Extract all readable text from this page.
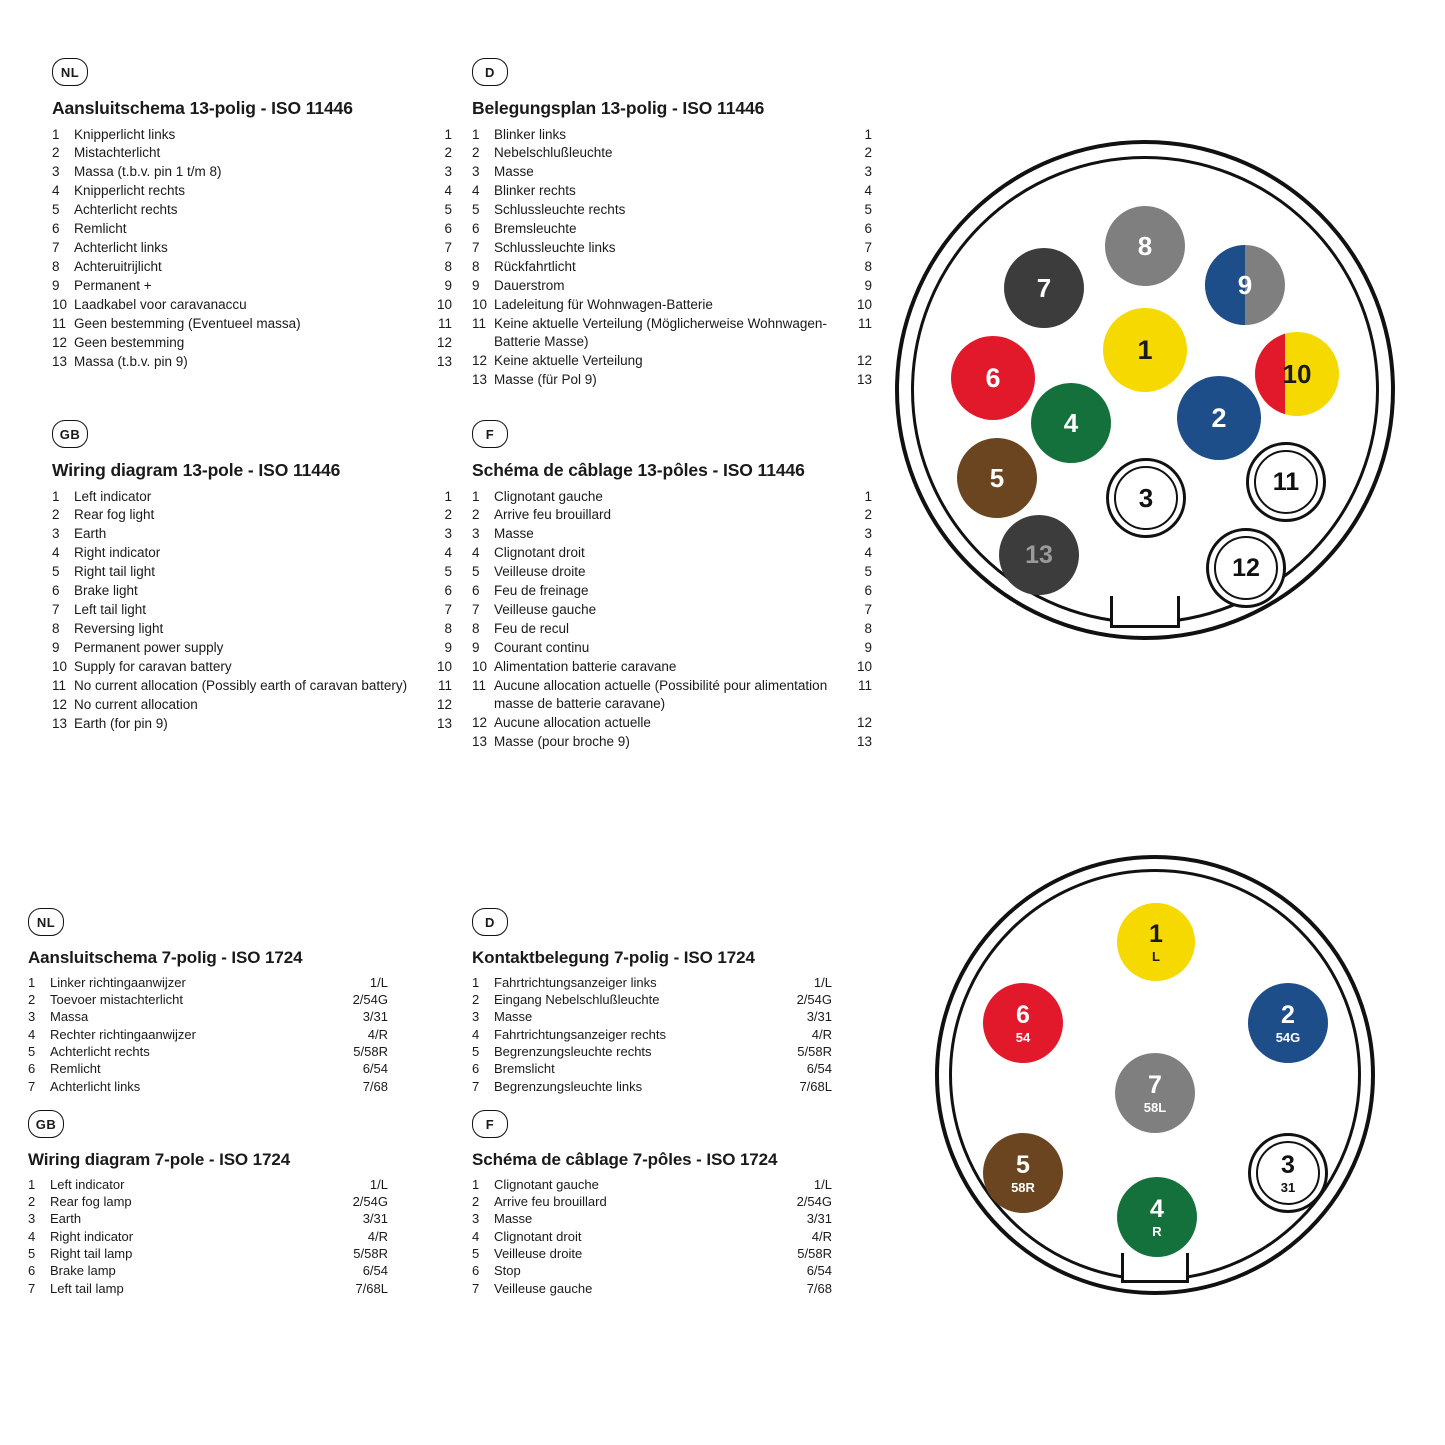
NL
Aansluitschema 13-polig - ISO 11446
1	Knipperlicht links	1
2	Mistachterlicht	2
3	Massa (t.b.v. pin 1 t/m 8)	3
4	Knipperlicht rechts	4
5	Achterlicht rechts	5
6	Remlicht	6
7	Achterlicht links	7
8	Achteruitrijlicht	8
9	Permanent +	9
10	Laadkabel voor caravanaccu	10
11	Geen bestemming (Eventueel massa)	11
12	Geen bestemming	12
13	Massa (t.b.v. pin 9)	13
D
Belegungsplan 13-polig - ISO 11446
1	Blinker links	1
2	Nebelschlußleuchte	2
3	Masse	3
4	Blinker rechts	4
5	Schlussleuchte rechts	5
6	Bremsleuchte	6
7	Schlussleuchte links	7
8	Rückfahrtlicht	8
9	Dauerstrom	9
10	Ladeleitung für Wohnwagen-Batterie	10
11	Keine aktuelle Verteilung (Möglicherweise Wohnwagen-Batterie Masse)	11
12	Keine aktuelle Verteilung	12
13	Masse (für Pol 9)	13
GB
Wiring diagram 13-pole - ISO 11446
1	Left indicator	1
2	Rear fog light	2
3	Earth	3
4	Right indicator	4
5	Right tail light	5
6	Brake light	6
7	Left tail light	7
8	Reversing light	8
9	Permanent power supply	9
10	Supply for caravan battery	10
11	No current allocation (Possibly earth of caravan battery)	11
12	No current allocation	12
13	Earth (for pin 9)	13
F
Schéma de câblage 13-pôles - ISO 11446
1	Clignotant gauche	1
2	Arrive feu brouillard	2
3	Masse	3
4	Clignotant droit	4
5	Veilleuse droite	5
6	Feu de freinage	6
7	Veilleuse gauche	7
8	Feu de recul	8
9	Courant continu	9
10	Alimentation batterie caravane	10
11	Aucune allocation actuelle (Possibilité pour alimentation masse de batterie caravane)	11
12	Aucune allocation actuelle	12
13	Masse (pour broche 9)	13
8
7	9
1
6	10
4	2
5
3
11
13	12
NL
Aansluitschema 7-polig - ISO 1724
1	Linker richtingaanwijzer	1/L
2	Toevoer mistachterlicht	2/54G
3	Massa	3/31
4	Rechter richtingaanwijzer	4/R
5	Achterlicht rechts	5/58R
6	Remlicht	6/54
7	Achterlicht links	7/68
D
Kontaktbelegung 7-polig - ISO 1724
1	Fahrtrichtungsanzeiger links	1/L
2	Eingang Nebelschlußleuchte	2/54G
3	Masse	3/31
4	Fahrtrichtungsanzeiger rechts	4/R
5	Begrenzungsleuchte rechts	5/58R
6	Bremslicht	6/54
7	Begrenzungsleuchte links	7/68L
GB
Wiring diagram 7-pole - ISO 1724
1	Left indicator	1/L
2	Rear fog lamp	2/54G
3	Earth	3/31
4	Right indicator	4/R
5	Right tail lamp	5/58R
6	Brake lamp	6/54
7	Left tail lamp	7/68L
F
Schéma de câblage 7-pôles - ISO 1724
1	Clignotant gauche	1/L
2	Arrive feu brouillard	2/54G
3	Masse	3/31
4	Clignotant droit	4/R
5	Veilleuse droite	5/58R
6	Stop	6/54
7	Veilleuse gauche	7/68
1
L
6
54
2
54G
7
58L
5
58R
3
31
4
R
